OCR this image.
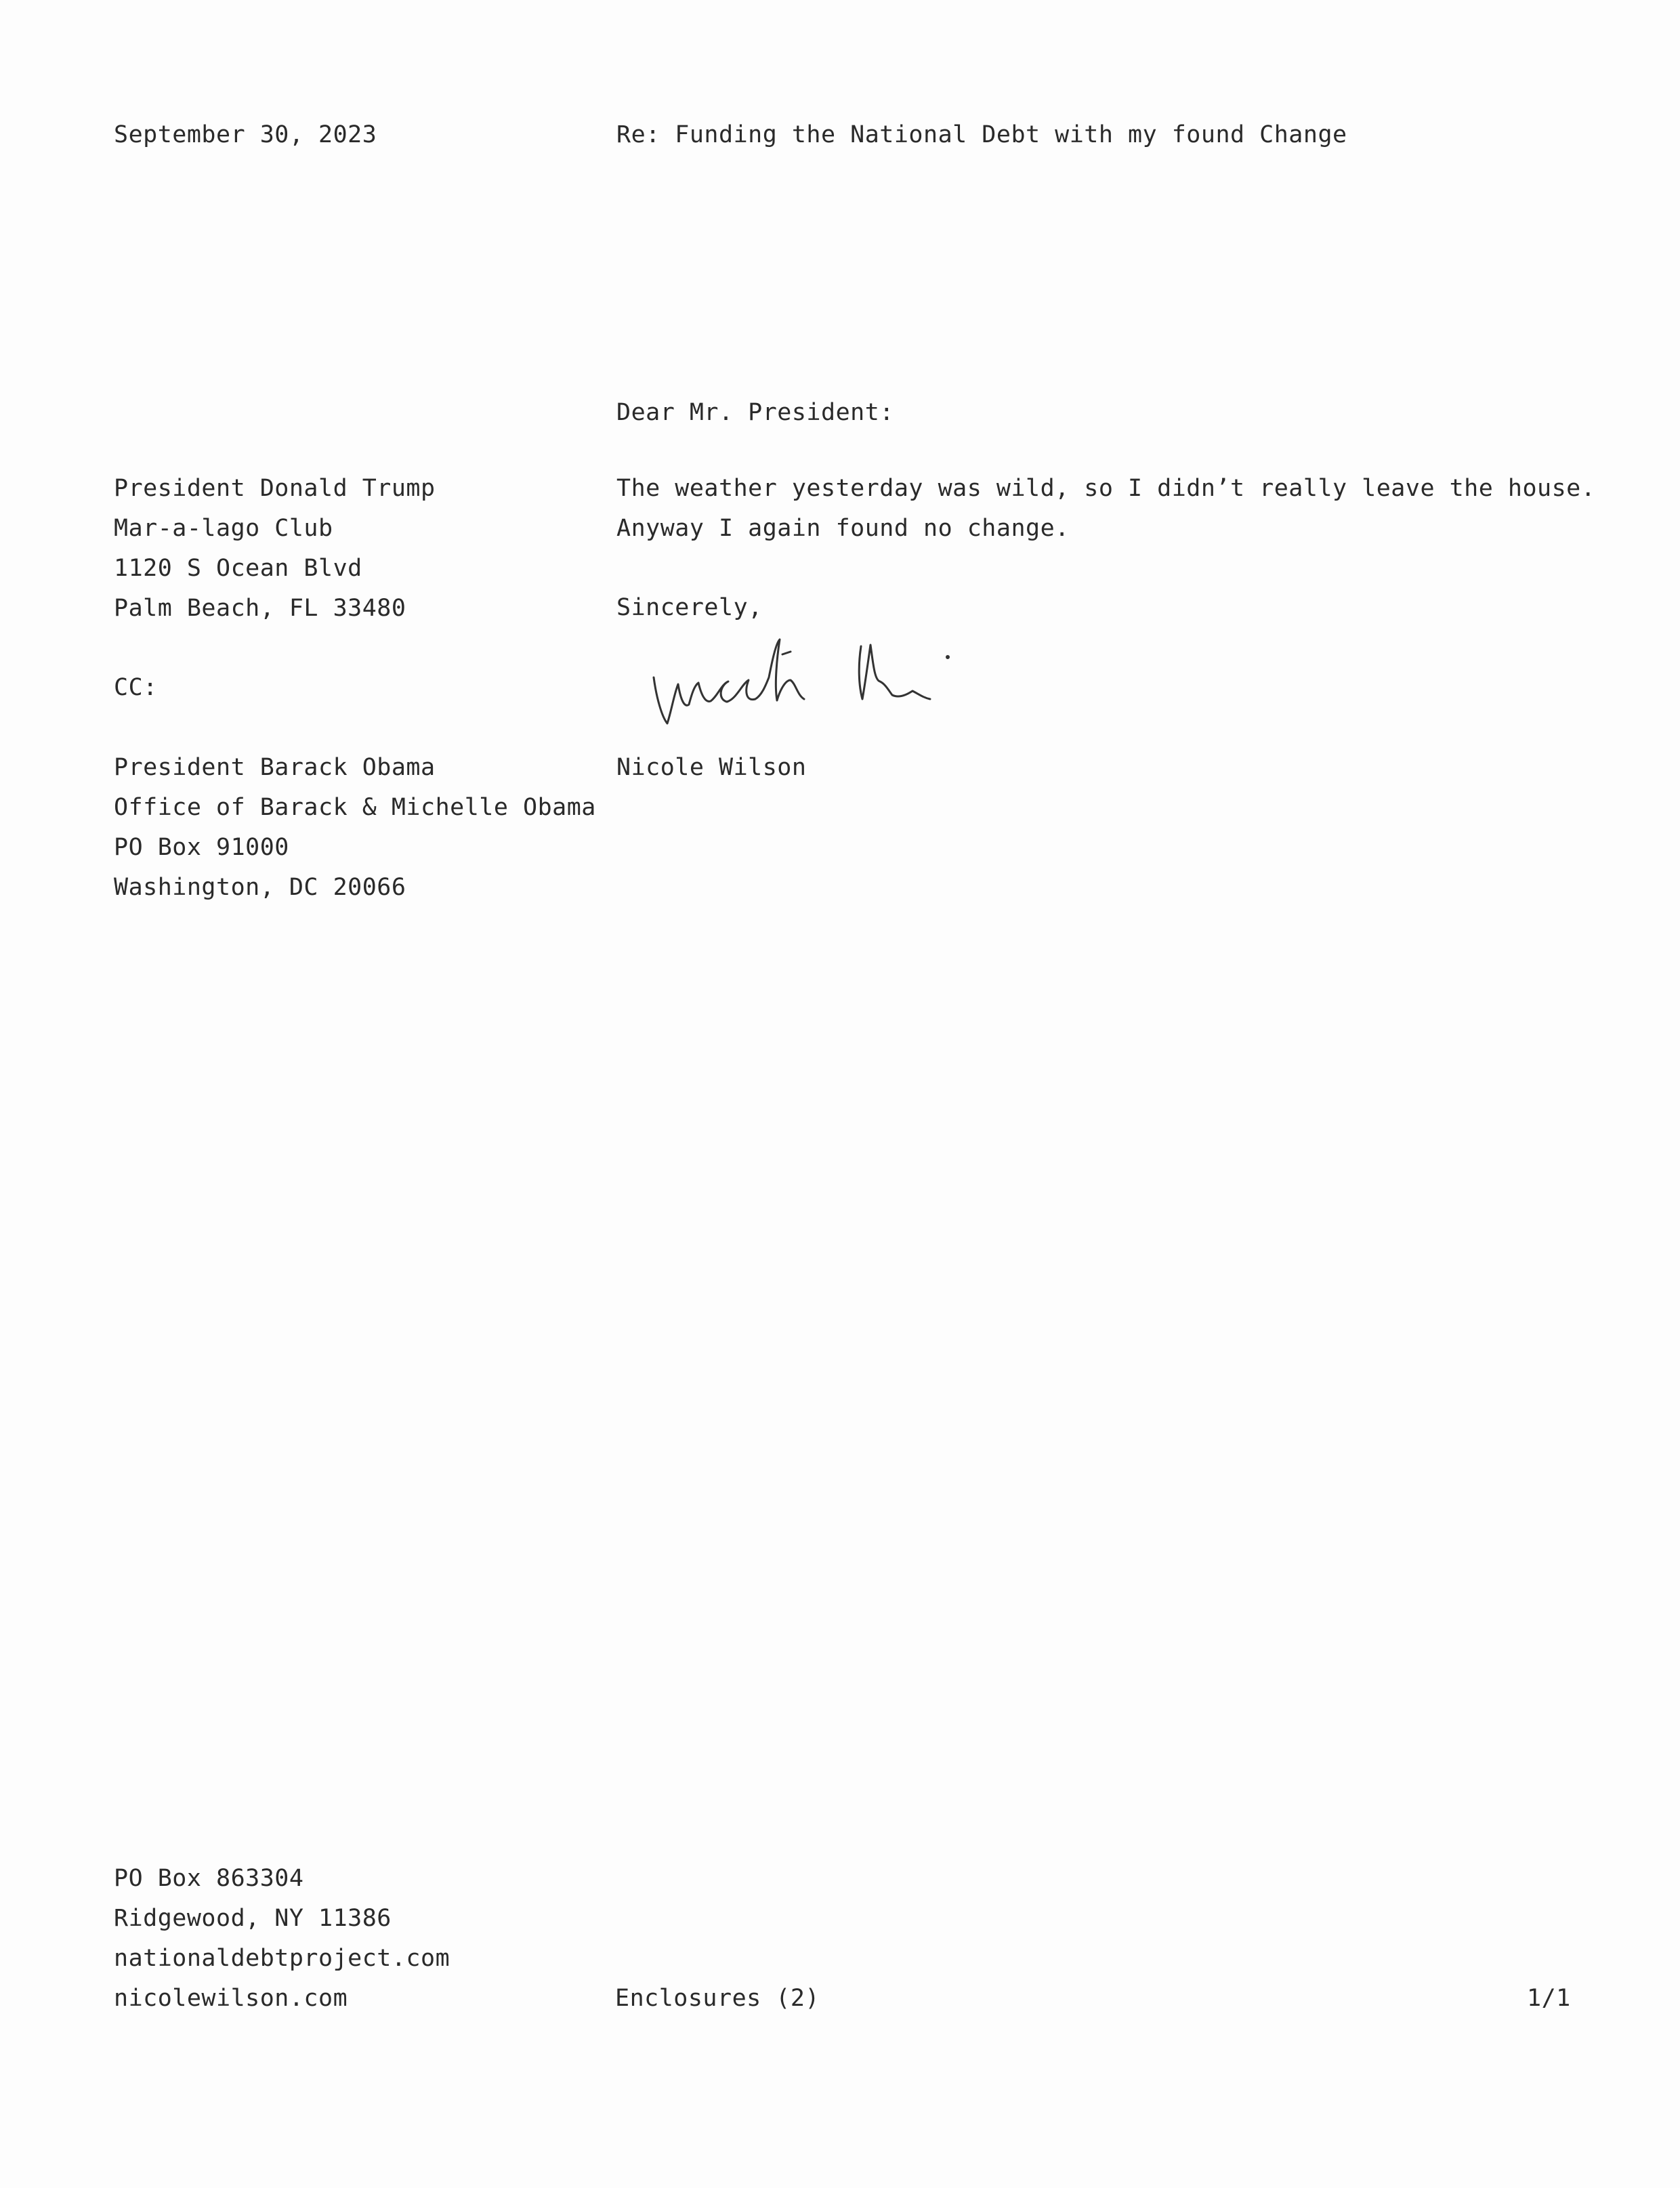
September 30, 2023	Re: Funding the National Debt with my found Change
Dear Mr. President:
President Donald Trump
Mar-a-lago Club
1120 S Ocean Blvd
Palm Beach, FL 33480
The weather yesterday was wild, so I didn’t really leave the house.
Anyway I again found no change.
Sincerely,
CC:
President Barack Obama
Office of Barack & Michelle Obama
PO Box 91000
Washington, DC 20066
Nicole Wilson
PO Box 863304
Ridgewood, NY 11386
nationaldebtproject.com
nicolewilson.com	Enclosures (2)	1/1
